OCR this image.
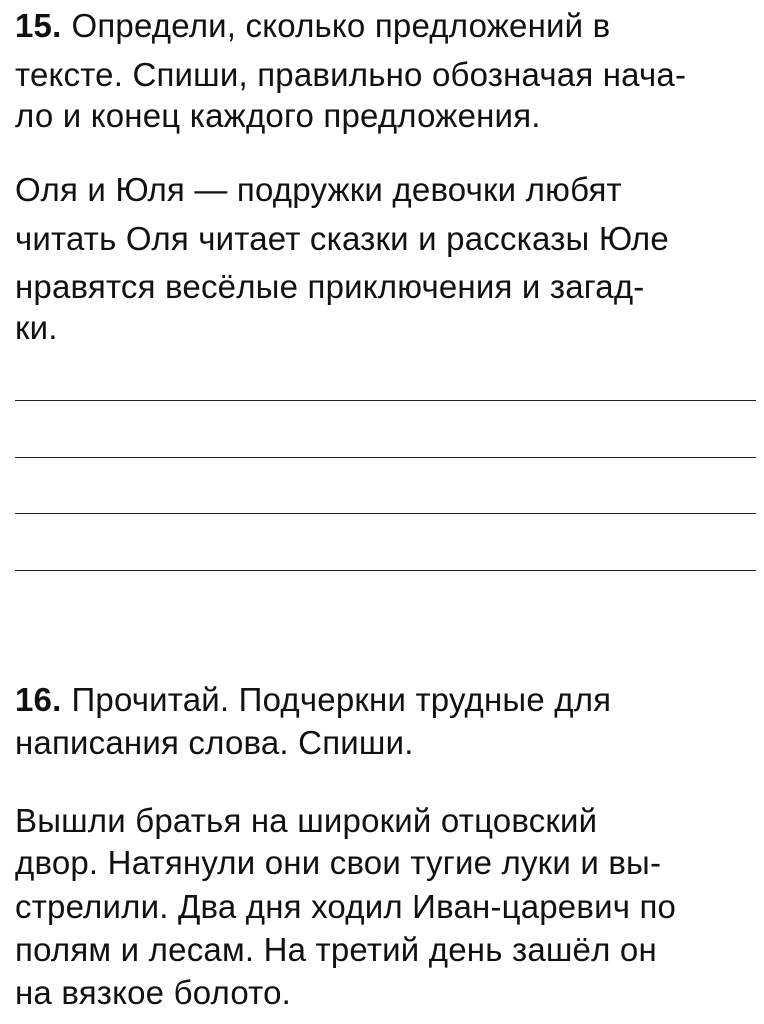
15. Определи, сколько предложений в
тексте. Спиши, правильно обозначая нача-
ло и конец каждого предложения.
Оля и Юля — подружки девочки любят
читать Оля читает сказки и рассказы Юле
нравятся весёлые приключения и загад-
ки.
16. Прочитай. Подчеркни трудные для
написания слова. Спиши.
Вышли братья на широкий отцовский
двор. Натянули они свои тугие луки и вы-
стрелили. Два дня ходил Иван-царевич по
полям и лесам. На третий день зашёл он
на вязкое болото.
